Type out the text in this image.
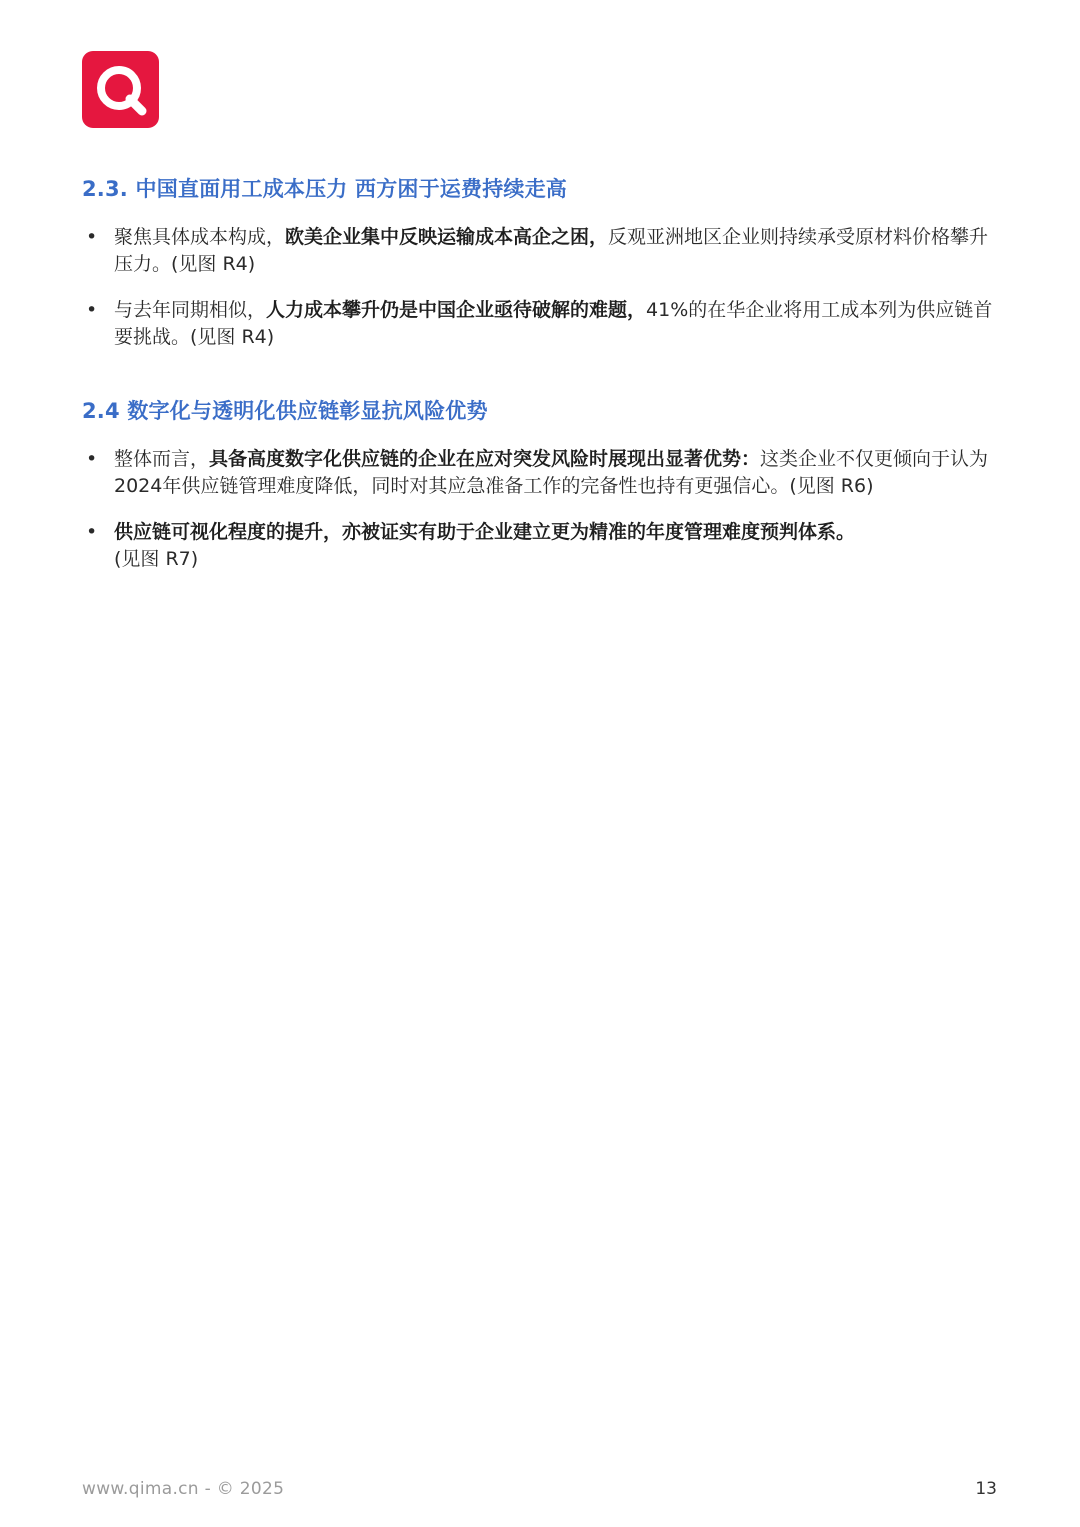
2.3. 中国直面用工成本压力 西方困于运费持续走高
• 聚焦具体成本构成，欧美企业集中反映运输成本高企之困，反观亚洲地区企业则持续承受原材料价格攀升压力。(见图 R4)
• 与去年同期相似，人力成本攀升仍是中国企业亟待破解的难题，41%的在华企业将用工成本列为供应链首要挑战。(见图 R4)
2.4 数字化与透明化供应链彰显抗风险优势
• 整体而言，具备高度数字化供应链的企业在应对突发风险时展现出显著优势：这类企业不仅更倾向于认为2024年供应链管理难度降低，同时对其应急准备工作的完备性也持有更强信心。(见图 R6)
• 供应链可视化程度的提升，亦被证实有助于企业建立更为精准的年度管理难度预判体系。
(见图 R7)
www.qima.cn - © 2025	13
